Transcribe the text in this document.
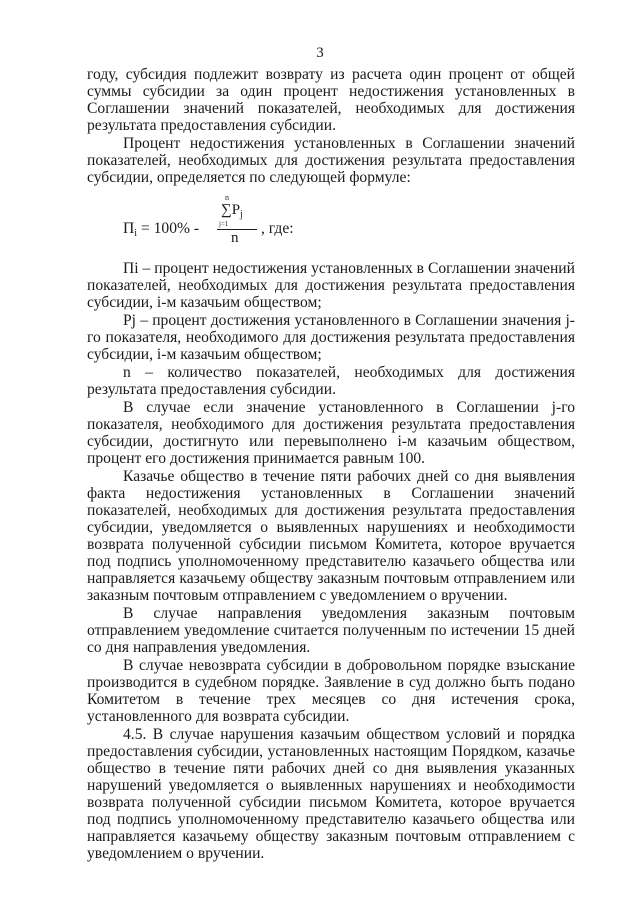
3

году, субсидия подлежит возврату из расчета один процент от общей суммы субсидии за один процент недостижения установленных в Соглашении значений показателей, необходимых для достижения результата предоставления субсидии.

Процент недостижения установленных в Соглашении значений показателей, необходимых для достижения результата предоставления субсидии, определяется по следующей формуле:

$П_i = 100\%$ -
n
$\sum P_j$
j=1
n
, где:

Пi – процент недостижения установленных в Соглашении значений показателей, необходимых для достижения результата предоставления субсидии, i-м казачьим обществом;

Pj – процент достижения установленного в Соглашении значения j-го показателя, необходимого для достижения результата предоставления субсидии, i-м казачьим обществом;

n – количество показателей, необходимых для достижения результата предоставления субсидии.

В случае если значение установленного в Соглашении j-го показателя, необходимого для достижения результата предоставления субсидии, достигнуто или перевыполнено i-м казачьим обществом, процент его достижения принимается равным 100.

Казачье общество в течение пяти рабочих дней со дня выявления факта недостижения установленных в Соглашении значений показателей, необходимых для достижения результата предоставления субсидии, уведомляется о выявленных нарушениях и необходимости возврата полученной субсидии письмом Комитета, которое вручается под подпись уполномоченному представителю казачьего общества или направляется казачьему обществу заказным почтовым отправлением или заказным почтовым отправлением с уведомлением о вручении.

В случае направления уведомления заказным почтовым отправлением уведомление считается полученным по истечении 15 дней со дня направления уведомления.

В случае невозврата субсидии в добровольном порядке взыскание производится в судебном порядке. Заявление в суд должно быть подано Комитетом в течение трех месяцев со дня истечения срока, установленного для возврата субсидии.

4.5. В случае нарушения казачьим обществом условий и порядка предоставления субсидии, установленных настоящим Порядком, казачье общество в течение пяти рабочих дней со дня выявления указанных нарушений уведомляется о выявленных нарушениях и необходимости возврата полученной субсидии письмом Комитета, которое вручается под подпись уполномоченному представителю казачьего общества или направляется казачьему обществу заказным почтовым отправлением с уведомлением о вручении.
